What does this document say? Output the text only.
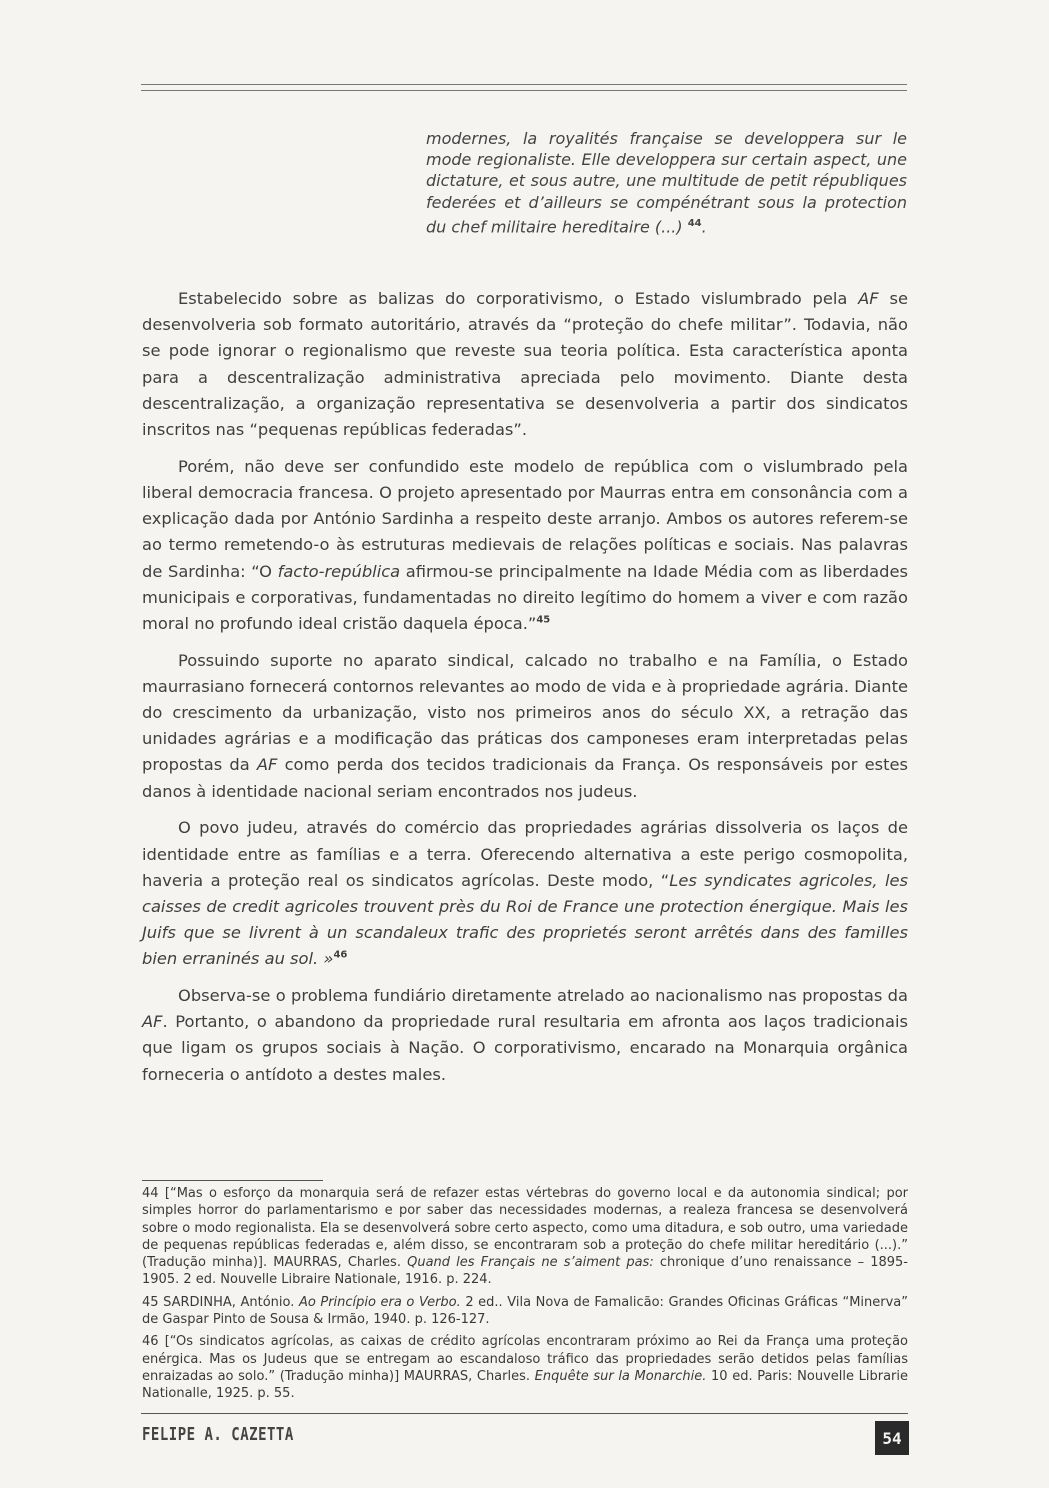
modernes, la royalités française se developpera sur le mode regionaliste. Elle developpera sur certain aspect, une dictature, et sous autre, une multitude de petit républiques federées et d’ailleurs se compénétrant sous la protection du chef militaire hereditaire (...) $^{44}$.

Estabelecido sobre as balizas do corporativismo, o Estado vislumbrado pela AF se desenvolveria sob formato autoritário, através da “proteção do chefe militar”. Todavia, não se pode ignorar o regionalismo que reveste sua teoria política. Esta característica aponta para a descentralização administrativa apreciada pelo movimento. Diante desta descentralização, a organização representativa se desenvolveria a partir dos sindicatos inscritos nas “pequenas repúblicas federadas”.

Porém, não deve ser confundido este modelo de república com o vislumbrado pela liberal democracia francesa. O projeto apresentado por Maurras entra em consonância com a explicação dada por António Sardinha a respeito deste arranjo. Ambos os autores referem-se ao termo remetendo-o às estruturas medievais de relações políticas e sociais. Nas palavras de Sardinha: “O facto-república afirmou-se principalmente na Idade Média com as liberdades municipais e corporativas, fundamentadas no direito legítimo do homem a viver e com razão moral no profundo ideal cristão daquela época.”$^{45}$

Possuindo suporte no aparato sindical, calcado no trabalho e na Família, o Estado maurrasiano fornecerá contornos relevantes ao modo de vida e à propriedade agrária. Diante do crescimento da urbanização, visto nos primeiros anos do século XX, a retração das unidades agrárias e a modificação das práticas dos camponeses eram interpretadas pelas propostas da AF como perda dos tecidos tradicionais da França. Os responsáveis por estes danos à identidade nacional seriam encontrados nos judeus.

O povo judeu, através do comércio das propriedades agrárias dissolveria os laços de identidade entre as famílias e a terra. Oferecendo alternativa a este perigo cosmopolita, haveria a proteção real os sindicatos agrícolas. Deste modo, “Les syndicates agricoles, les caisses de credit agricoles trouvent près du Roi de France une protection énergique. Mais les Juifs que se livrent à un scandaleux trafic des proprietés seront arrêtés dans des familles bien erraninés au sol. »$^{46}$

Observa-se o problema fundiário diretamente atrelado ao nacionalismo nas propostas da AF. Portanto, o abandono da propriedade rural resultaria em afronta aos laços tradicionais que ligam os grupos sociais à Nação. O corporativismo, encarado na Monarquia orgânica forneceria o antídoto a destes males.

44 [“Mas o esforço da monarquia será de refazer estas vértebras do governo local e da autonomia sindical; por simples horror do parlamentarismo e por saber das necessidades modernas, a realeza francesa se desenvolverá sobre o modo regionalista. Ela se desenvolverá sobre certo aspecto, como uma ditadura, e sob outro, uma variedade de pequenas repúblicas federadas e, além disso, se encontraram sob a proteção do chefe militar hereditário (...).” (Tradução minha)]. MAURRAS, Charles. Quand les Français ne s’aiment pas: chronique d’uno renaissance – 1895-1905. 2 ed. Nouvelle Libraire Nationale, 1916. p. 224.

45 SARDINHA, António. Ao Princípio era o Verbo. 2 ed.. Vila Nova de Famalicão: Grandes Oficinas Gráficas “Minerva” de Gaspar Pinto de Sousa & Irmão, 1940. p. 126-127.

46 [“Os sindicatos agrícolas, as caixas de crédito agrícolas encontraram próximo ao Rei da França uma proteção enérgica. Mas os Judeus que se entregam ao escandaloso tráfico das propriedades serão detidos pelas famílias enraizadas ao solo.” (Tradução minha)] MAURRAS, Charles. Enquête sur la Monarchie. 10 ed. Paris: Nouvelle Librarie Nationalle, 1925. p. 55.

FELIPE A. CAZETTA	54
